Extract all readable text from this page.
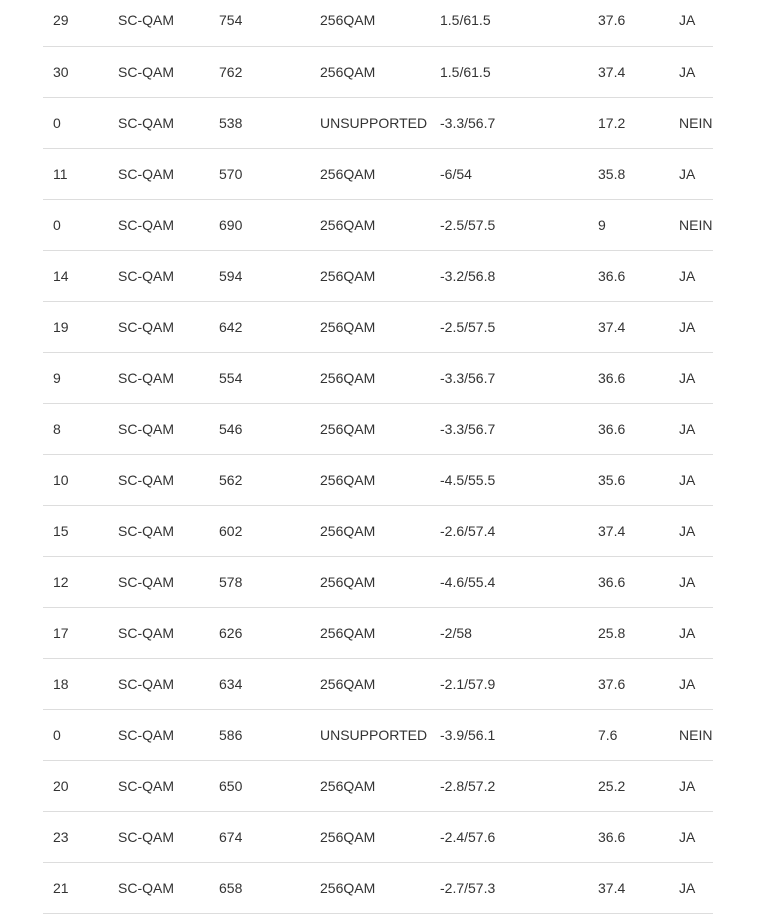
29	SC-QAM	754	256QAM	1.5/61.5	37.6	JA
30	SC-QAM	762	256QAM	1.5/61.5	37.4	JA
0	SC-QAM	538	UNSUPPORTED	-3.3/56.7	17.2	NEIN
11	SC-QAM	570	256QAM	-6/54	35.8	JA
0	SC-QAM	690	256QAM	-2.5/57.5	9	NEIN
14	SC-QAM	594	256QAM	-3.2/56.8	36.6	JA
19	SC-QAM	642	256QAM	-2.5/57.5	37.4	JA
9	SC-QAM	554	256QAM	-3.3/56.7	36.6	JA
8	SC-QAM	546	256QAM	-3.3/56.7	36.6	JA
10	SC-QAM	562	256QAM	-4.5/55.5	35.6	JA
15	SC-QAM	602	256QAM	-2.6/57.4	37.4	JA
12	SC-QAM	578	256QAM	-4.6/55.4	36.6	JA
17	SC-QAM	626	256QAM	-2/58	25.8	JA
18	SC-QAM	634	256QAM	-2.1/57.9	37.6	JA
0	SC-QAM	586	UNSUPPORTED	-3.9/56.1	7.6	NEIN
20	SC-QAM	650	256QAM	-2.8/57.2	25.2	JA
23	SC-QAM	674	256QAM	-2.4/57.6	36.6	JA
21	SC-QAM	658	256QAM	-2.7/57.3	37.4	JA
